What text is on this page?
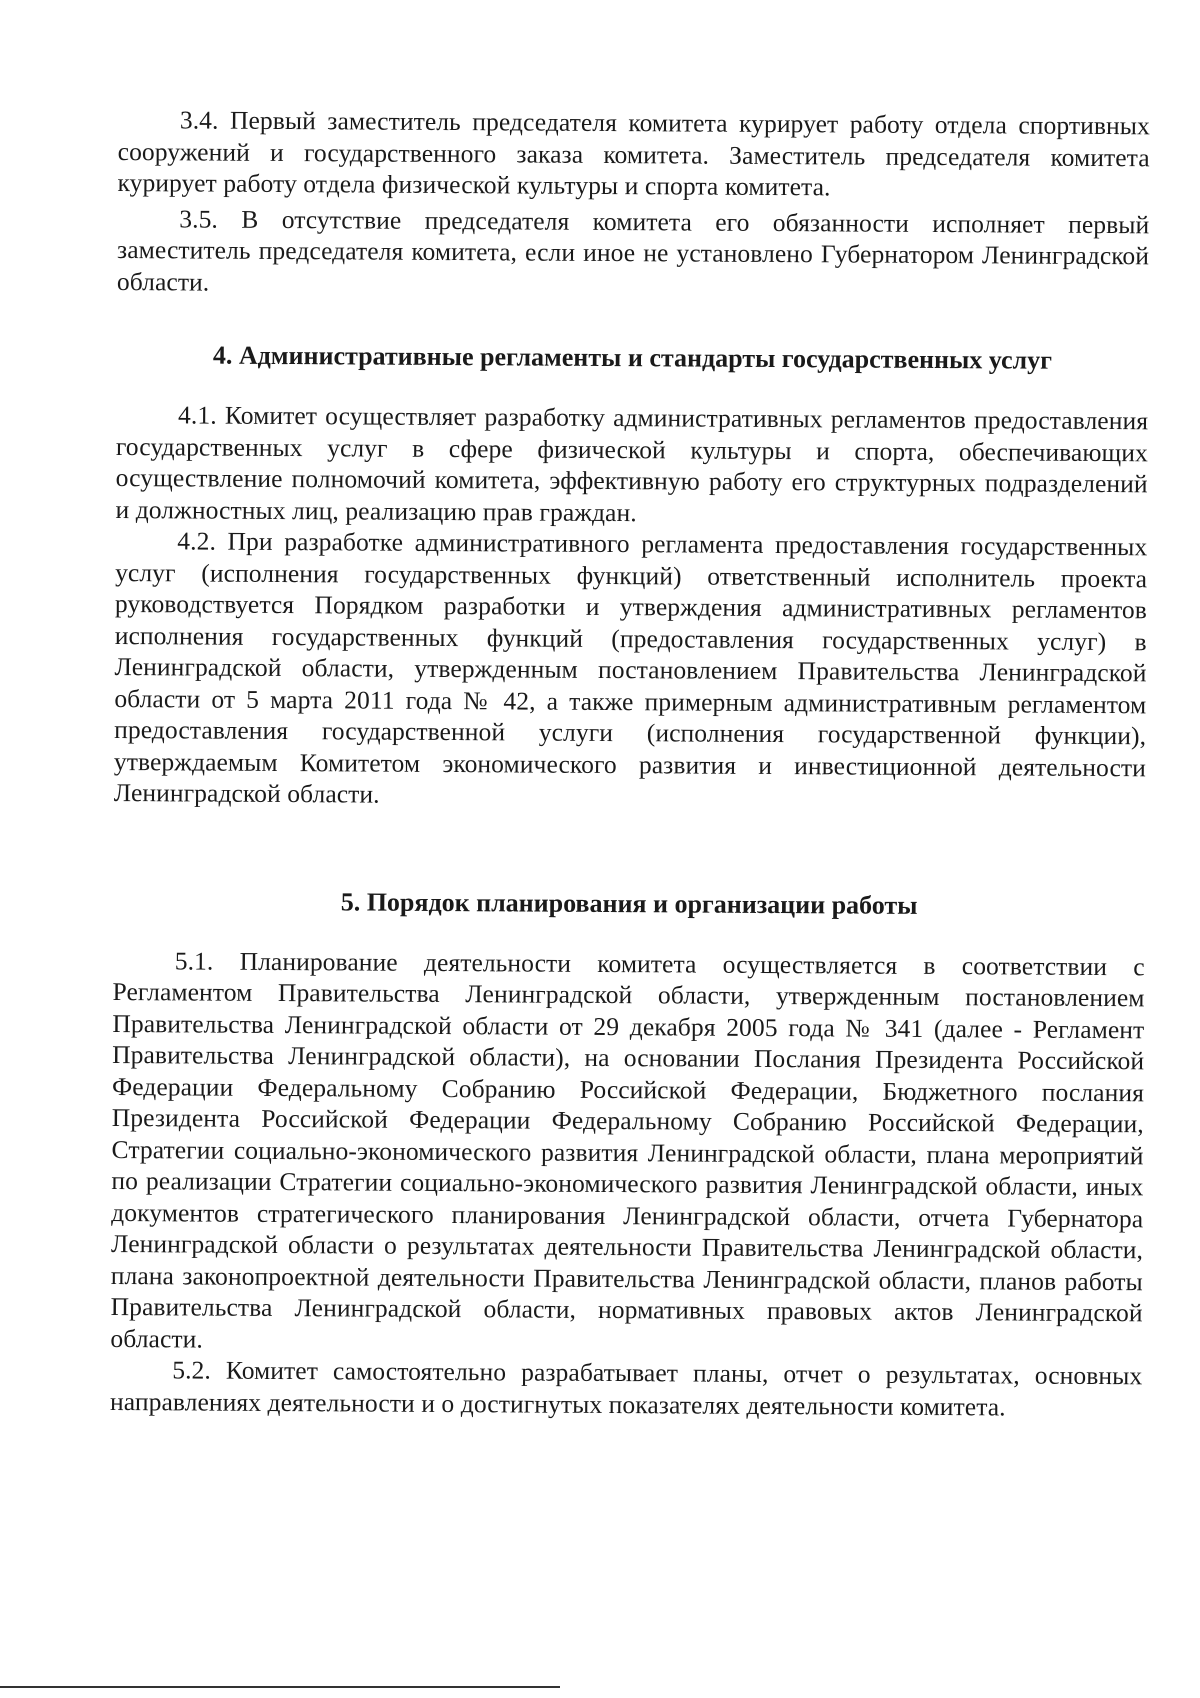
3.4. Первый заместитель председателя комитета курирует работу отдела спортивных сооружений и государственного заказа комитета. Заместитель председателя комитета курирует работу отдела физической культуры и спорта комитета.

3.5. В отсутствие председателя комитета его обязанности исполняет первый заместитель председателя комитета, если иное не установлено Губернатором Ленинградской области.

4. Административные регламенты и стандарты государственных услуг

4.1. Комитет осуществляет разработку административных регламентов предоставления государственных услуг в сфере физической культуры и спорта, обеспечивающих осуществление полномочий комитета, эффективную работу его структурных подразделений и должностных лиц, реализацию прав граждан.

4.2. При разработке административного регламента предоставления государственных услуг (исполнения государственных функций) ответственный исполнитель проекта руководствуется Порядком разработки и утверждения административных регламентов исполнения государственных функций (предоставления государственных услуг) в Ленинградской области, утвержденным постановлением Правительства Ленинградской области от 5 марта 2011 года № 42, а также примерным административным регламентом предоставления государственной услуги (исполнения государственной функции), утверждаемым Комитетом экономического развития и инвестиционной деятельности Ленинградской области.

5. Порядок планирования и организации работы

5.1. Планирование деятельности комитета осуществляется в соответствии с Регламентом Правительства Ленинградской области, утвержденным постановлением Правительства Ленинградской области от 29 декабря 2005 года № 341 (далее - Регламент Правительства Ленинградской области), на основании Послания Президента Российской Федерации Федеральному Собранию Российской Федерации, Бюджетного послания Президента Российской Федерации Федеральному Собранию Российской Федерации, Стратегии социально-экономического развития Ленинградской области, плана мероприятий по реализации Стратегии социально-экономического развития Ленинградской области, иных документов стратегического планирования Ленинградской области, отчета Губернатора Ленинградской области о результатах деятельности Правительства Ленинградской области, плана законопроектной деятельности Правительства Ленинградской области, планов работы Правительства Ленинградской области, нормативных правовых актов Ленинградской области.

5.2. Комитет самостоятельно разрабатывает планы, отчет о результатах, основных направлениях деятельности и о достигнутых показателях деятельности комитета.
